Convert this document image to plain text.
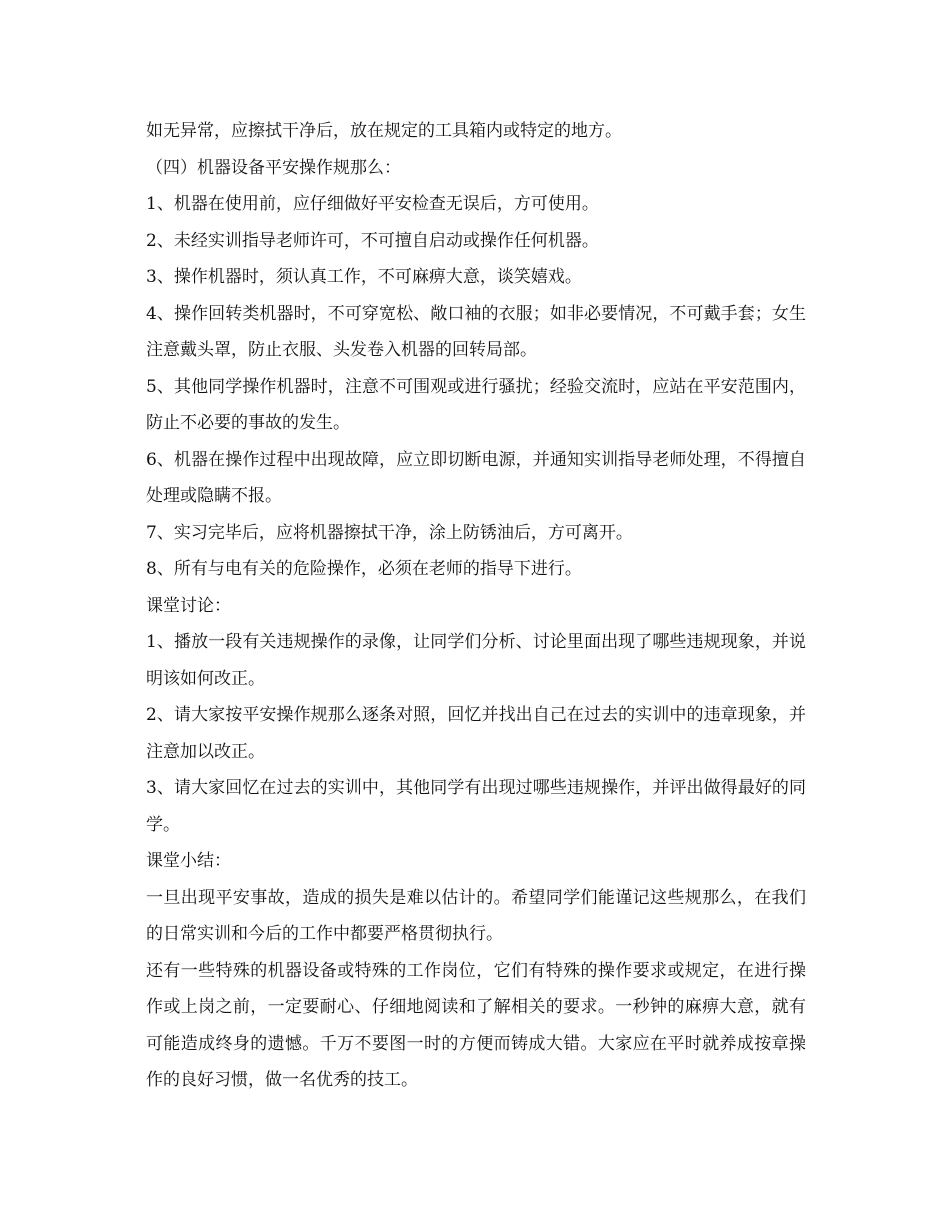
如无异常，应擦拭干净后，放在规定的工具箱内或特定的地方。

（四）机器设备平安操作规那么：

1、机器在使用前，应仔细做好平安检查无误后，方可使用。

2、未经实训指导老师许可，不可擅自启动或操作任何机器。

3、操作机器时，须认真工作，不可麻痹大意，谈笑嬉戏。

4、操作回转类机器时，不可穿宽松、敞口袖的衣服；如非必要情况，不可戴手套；女生注意戴头罩，防止衣服、头发卷入机器的回转局部。

5、其他同学操作机器时，注意不可围观或进行骚扰；经验交流时，应站在平安范围内，防止不必要的事故的发生。

6、机器在操作过程中出现故障，应立即切断电源，并通知实训指导老师处理，不得擅自处理或隐瞒不报。

7、实习完毕后，应将机器擦拭干净，涂上防锈油后，方可离开。

8、所有与电有关的危险操作，必须在老师的指导下进行。

课堂讨论：

1、播放一段有关违规操作的录像，让同学们分析、讨论里面出现了哪些违规现象，并说明该如何改正。

2、请大家按平安操作规那么逐条对照，回忆并找出自己在过去的实训中的违章现象，并注意加以改正。

3、请大家回忆在过去的实训中，其他同学有出现过哪些违规操作，并评出做得最好的同学。

课堂小结：

一旦出现平安事故，造成的损失是难以估计的。希望同学们能谨记这些规那么，在我们的日常实训和今后的工作中都要严格贯彻执行。

还有一些特殊的机器设备或特殊的工作岗位，它们有特殊的操作要求或规定，在进行操作或上岗之前，一定要耐心、仔细地阅读和了解相关的要求。一秒钟的麻痹大意，就有可能造成终身的遗憾。千万不要图一时的方便而铸成大错。大家应在平时就养成按章操作的良好习惯，做一名优秀的技工。
